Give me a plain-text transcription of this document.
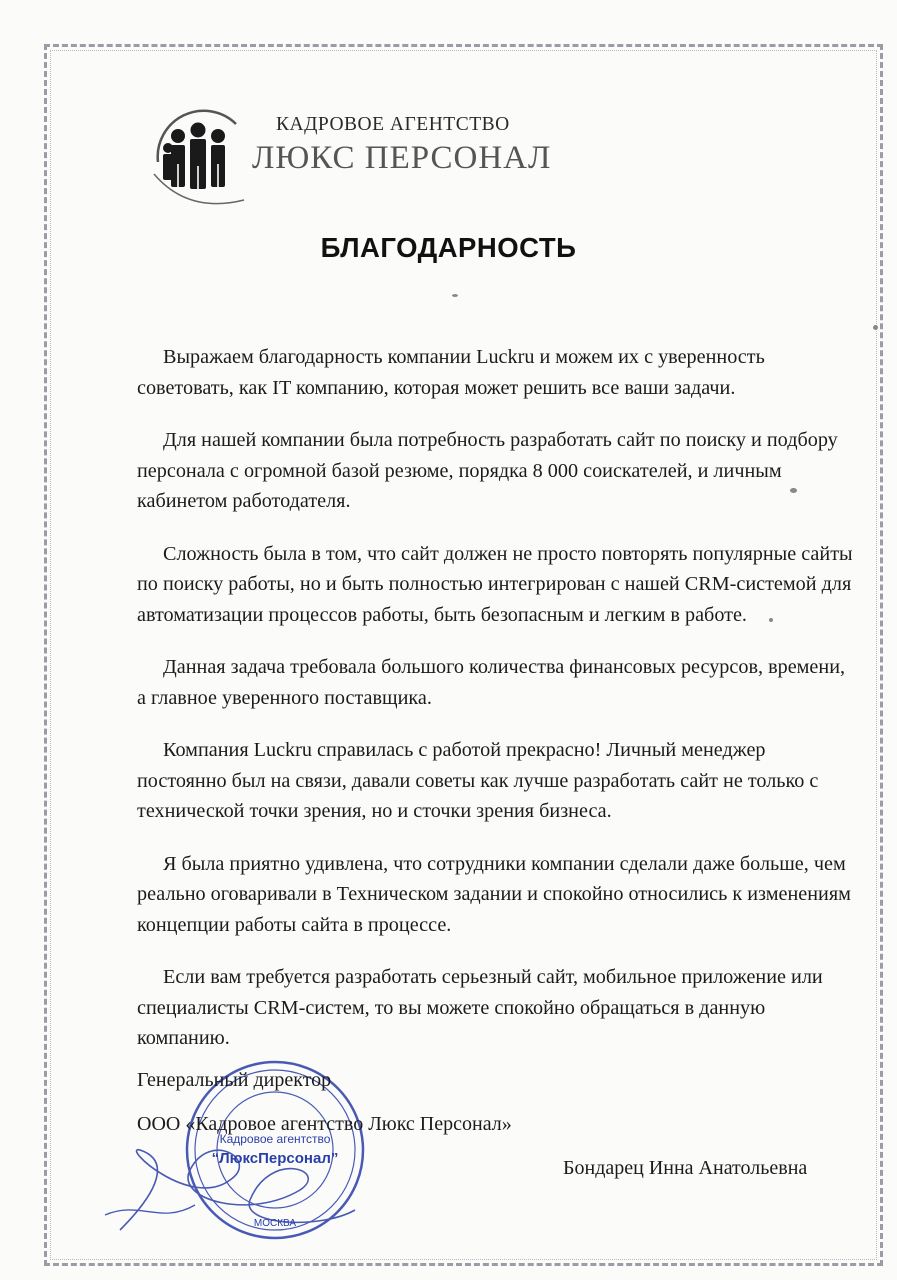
КАДРОВОЕ АГЕНТСТВО
ЛЮКС ПЕРСОНАЛ
БЛАГОДАРНОСТЬ

Выражаем благодарность компании Luckru и можем их с уверенность советовать, как IT компанию, которая может решить все ваши задачи.

Для нашей компании была потребность разработать сайт по поиску и подбору персонала с огромной базой резюме, порядка 8 000 соискателей, и личным кабинетом работодателя.

Сложность была в том, что сайт должен не просто повторять популярные сайты по поиску работы, но и быть полностью интегрирован с нашей CRM-системой для автоматизации процессов работы, быть безопасным и легким в работе.

Данная задача требовала большого количества финансовых ресурсов, времени, а главное уверенного поставщика.

Компания Luckru справилась с работой прекрасно! Личный менеджер постоянно был на связи, давали советы как лучше разработать сайт не только с технической точки зрения, но и сточки зрения бизнеса.

Я была приятно удивлена, что сотрудники компании сделали даже больше, чем реально оговаривали в Техническом задании и спокойно относились к изменениям концепции работы сайта в процессе.

Если вам требуется разработать серьезный сайт, мобильное приложение или специалисты CRM-систем, то вы можете спокойно обращаться в данную компанию.

Кадровое агентство
“ЛюксПерсонал”
МОСКВА
Генеральный директор
ООО «Кадровое агентство Люкс Персонал»
Бондарец Инна Анатольевна
